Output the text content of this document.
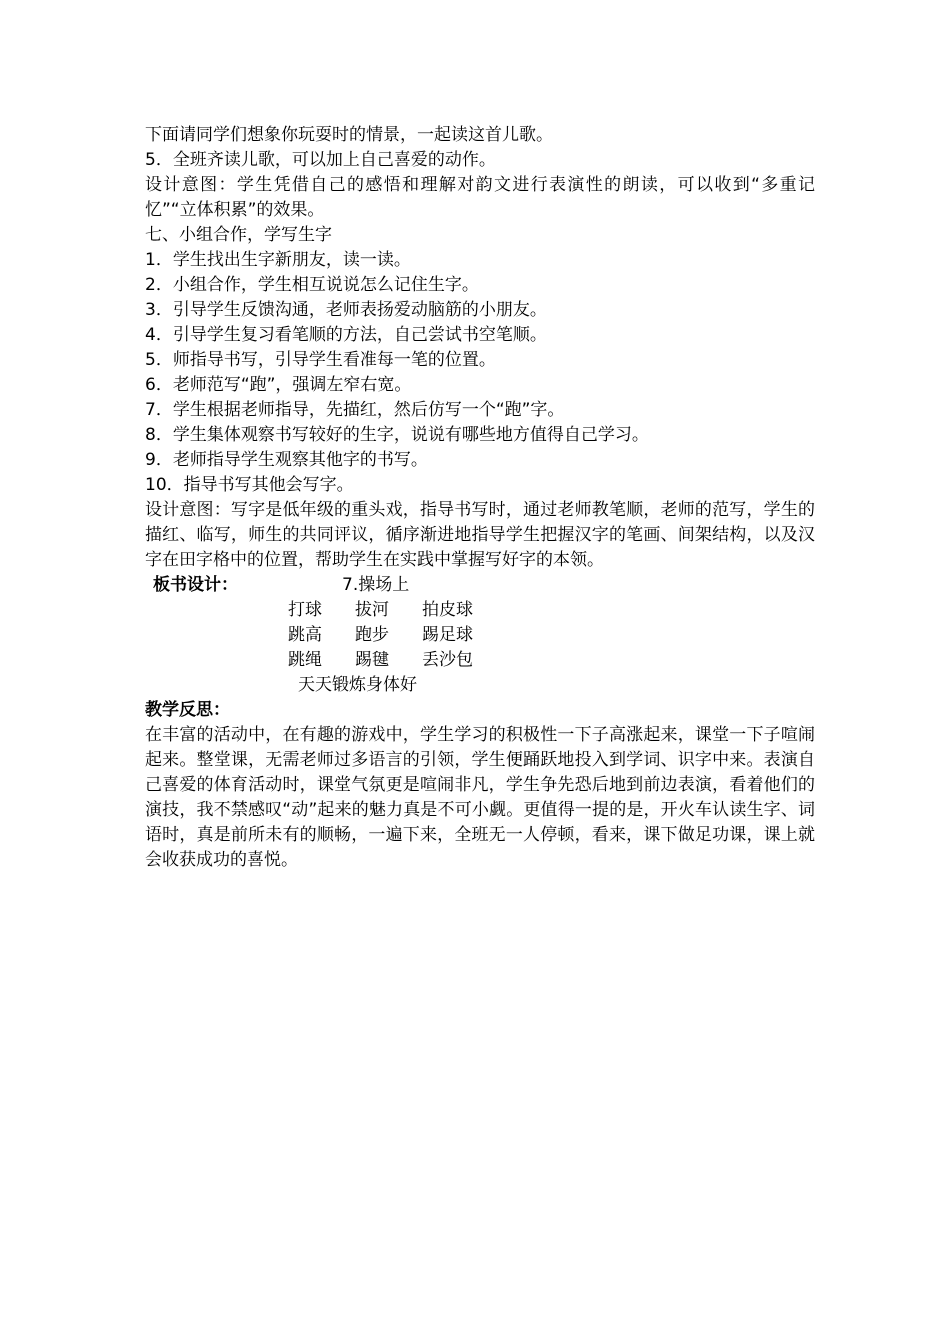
下面请同学们想象你玩耍时的情景，一起读这首儿歌。
5．全班齐读儿歌，可以加上自己喜爱的动作。
设计意图：学生凭借自己的感悟和理解对韵文进行表演性的朗读，可以收到“多重记忆”“立体积累”的效果。
七、小组合作，学写生字
1．学生找出生字新朋友，读一读。
2．小组合作，学生相互说说怎么记住生字。
3．引导学生反馈沟通，老师表扬爱动脑筋的小朋友。
4．引导学生复习看笔顺的方法，自己尝试书空笔顺。
5．师指导书写，引导学生看准每一笔的位置。
6．老师范写“跑”，强调左窄右宽。
7．学生根据老师指导，先描红，然后仿写一个“跑”字。
8．学生集体观察书写较好的生字，说说有哪些地方值得自己学习。
9．老师指导学生观察其他字的书写。
10．指导书写其他会写字。
设计意图：写字是低年级的重头戏，指导书写时，通过老师教笔顺，老师的范写，学生的描红、临写，师生的共同评议，循序渐进地指导学生把握汉字的笔画、间架结构，以及汉字在田字格中的位置，帮助学生在实践中掌握写好字的本领。
板书设计：	7.操场上
打球 拔河 拍皮球
跳高 跑步 踢足球
跳绳 踢毽 丢沙包
天天锻炼身体好
教学反思：
在丰富的活动中，在有趣的游戏中，学生学习的积极性一下子高涨起来，课堂一下子喧闹起来。整堂课，无需老师过多语言的引领，学生便踊跃地投入到学词、识字中来。表演自己喜爱的体育活动时，课堂气氛更是喧闹非凡，学生争先恐后地到前边表演，看着他们的演技，我不禁感叹“动”起来的魅力真是不可小觑。更值得一提的是，开火车认读生字、词语时，真是前所未有的顺畅，一遍下来，全班无一人停顿，看来，课下做足功课，课上就会收获成功的喜悦。
